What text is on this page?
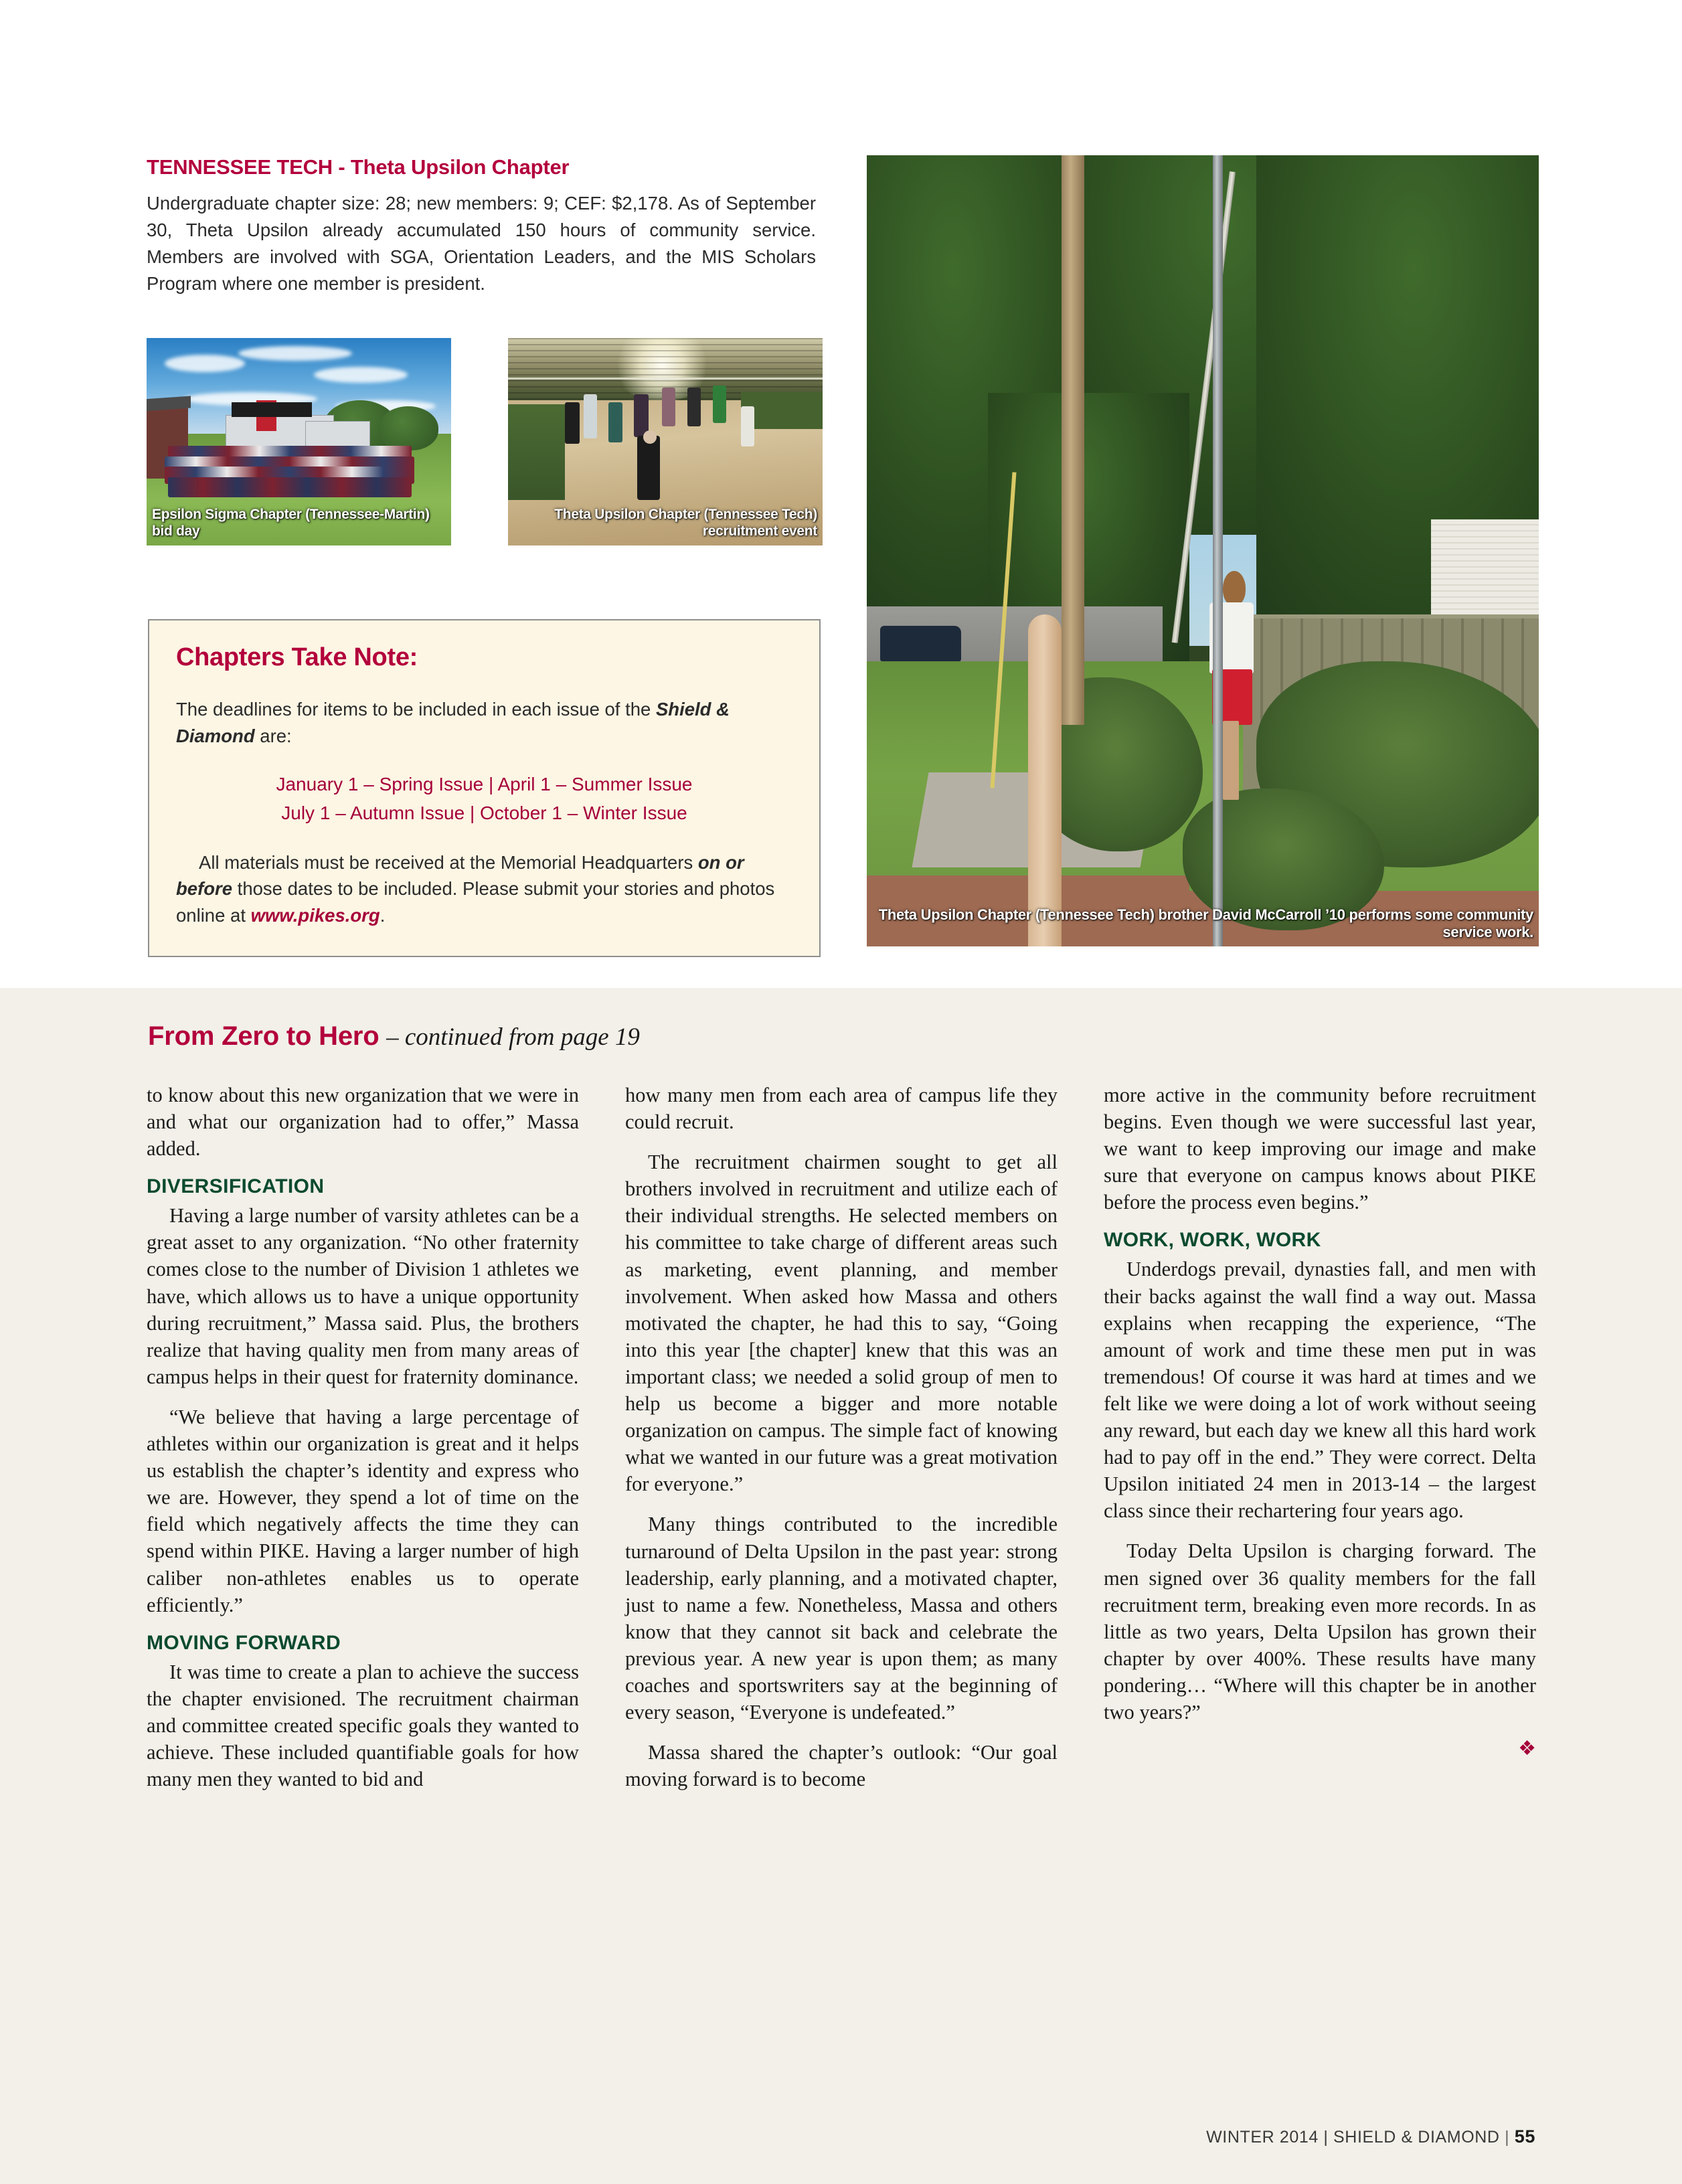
TENNESSEE TECH - Theta Upsilon Chapter

Undergraduate chapter size: 28; new members: 9; CEF: $2,178. As of September 30, Theta Upsilon already accumulated 150 hours of community service. Members are involved with SGA, Orientation Leaders, and the MIS Scholars Program where one member is president.

Epsilon Sigma Chapter (Tennessee-Martin) bid day
Theta Upsilon Chapter (Tennessee Tech) recruitment event
Theta Upsilon Chapter (Tennessee Tech) brother David McCarroll ’10 performs some community service work.
Chapters Take Note:

The deadlines for items to be included in each issue of the Shield & Diamond are:

January 1 – Spring Issue | April 1 – Summer Issue
July 1 – Autumn Issue | October 1 – Winter Issue

All materials must be received at the Memorial Headquarters on or before those dates to be included. Please submit your stories and photos online at www.pikes.org.

From Zero to Hero – continued from page 19

to know about this new organization that we were in and what our organization had to offer,” Massa added.

DIVERSIFICATION

Having a large number of varsity athletes can be a great asset to any organization. “No other fraternity comes close to the number of Division 1 athletes we have, which allows us to have a unique opportunity during recruitment,” Massa said. Plus, the brothers realize that having quality men from many areas of campus helps in their quest for fraternity dominance.

“We believe that having a large percentage of athletes within our organization is great and it helps us establish the chapter’s identity and express who we are. However, they spend a lot of time on the field which negatively affects the time they can spend within PIKE. Having a larger number of high caliber non-athletes enables us to operate efficiently.”

MOVING FORWARD

It was time to create a plan to achieve the success the chapter envisioned. The recruitment chairman and committee created specific goals they wanted to achieve. These included quantifiable goals for how many men they wanted to bid and

how many men from each area of campus life they could recruit.

The recruitment chairmen sought to get all brothers involved in recruitment and utilize each of their individual strengths. He selected members on his committee to take charge of different areas such as marketing, event planning, and member involvement. When asked how Massa and others motivated the chapter, he had this to say, “Going into this year [the chapter] knew that this was an important class; we needed a solid group of men to help us become a bigger and more notable organization on campus. The simple fact of knowing what we wanted in our future was a great motivation for everyone.”

Many things contributed to the incredible turnaround of Delta Upsilon in the past year: strong leadership, early planning, and a motivated chapter, just to name a few. Nonetheless, Massa and others know that they cannot sit back and celebrate the previous year. A new year is upon them; as many coaches and sportswriters say at the beginning of every season, “Everyone is undefeated.”

Massa shared the chapter’s outlook: “Our goal moving forward is to become

more active in the community before recruitment begins. Even though we were successful last year, we want to keep improving our image and make sure that everyone on campus knows about PIKE before the process even begins.”

WORK, WORK, WORK

Underdogs prevail, dynasties fall, and men with their backs against the wall find a way out. Massa explains when recapping the experience, “The amount of work and time these men put in was tremendous! Of course it was hard at times and we felt like we were doing a lot of work without seeing any reward, but each day we knew all this hard work had to pay off in the end.” They were correct. Delta Upsilon initiated 24 men in 2013-14 – the largest class since their rechartering four years ago.

Today Delta Upsilon is charging forward. The men signed over 36 quality members for the fall recruitment term, breaking even more records. In as little as two years, Delta Upsilon has grown their chapter by over 400%. These results have many pondering… “Where will this chapter be in another two years?”

❖
WINTER 2014 | SHIELD & DIAMOND | 55
